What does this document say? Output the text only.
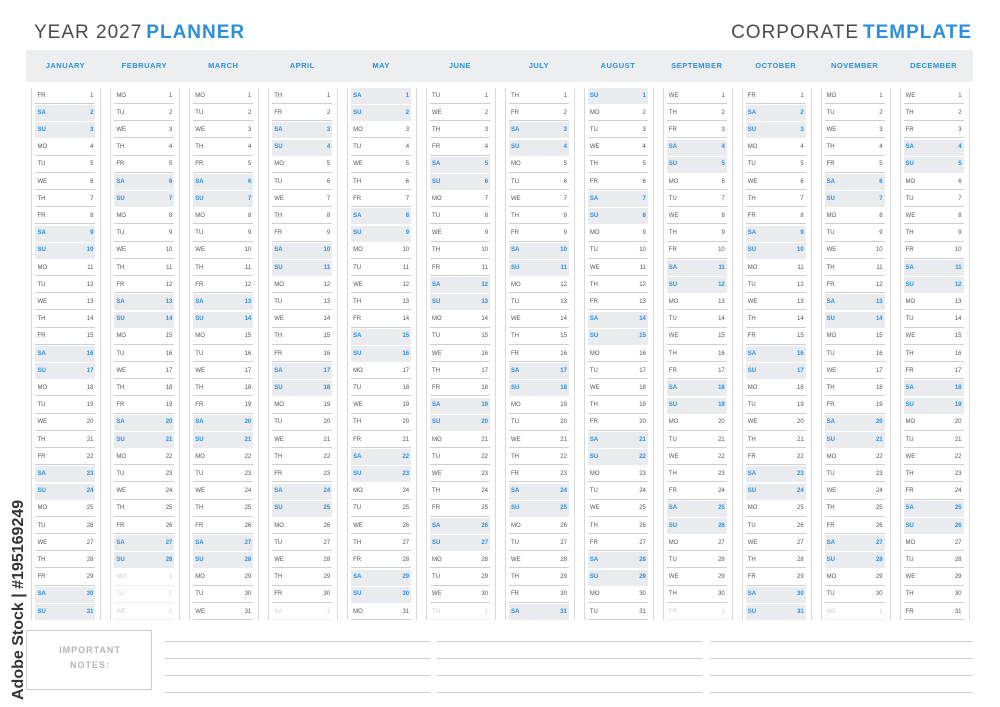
YEAR 2027 PLANNER	CORPORATE TEMPLATE
JANUARY
FR	1
SA	2
SU	3
MO	4
TU	5
WE	6
TH	7
FR	8
SA	9
SU	10
MO	11
TU	12
WE	13
TH	14
FR	15
SA	16
SU	17
MO	18
TU	19
WE	20
TH	21
FR	22
SA	23
SU	24
MO	25
TU	26
WE	27
TH	28
FR	29
SA	30
SU	31
FEBRUARY
MO	1
TU	2
WE	3
TH	4
FR	5
SA	6
SU	7
MO	8
TU	9
WE	10
TH	11
FR	12
SA	13
SU	14
MO	15
TU	16
WE	17
TH	18
FR	19
SA	20
SU	21
MO	22
TU	23
WE	24
TH	25
FR	26
SA	27
SU	28
MO	1
TU	1
WE	1
MARCH
MO	1
TU	2
WE	3
TH	4
FR	5
SA	6
SU	7
MO	8
TU	9
WE	10
TH	11
FR	12
SA	13
SU	14
MO	15
TU	16
WE	17
TH	18
FR	19
SA	20
SU	21
MO	22
TU	23
WE	24
TH	25
FR	26
SA	27
SU	28
MO	29
TU	30
WE	31
APRIL
TH	1
FR	2
SA	3
SU	4
MO	5
TU	6
WE	7
TH	8
FR	9
SA	10
SU	11
MO	12
TU	13
WE	14
TH	15
FR	16
SA	17
SU	18
MO	19
TU	20
WE	21
TH	22
FR	23
SA	24
SU	25
MO	26
TU	27
WE	28
TH	29
FR	30
SA	1
MAY
SA	1
SU	2
MO	3
TU	4
WE	5
TH	6
FR	7
SA	8
SU	9
MO	10
TU	11
WE	12
TH	13
FR	14
SA	15
SU	16
MO	17
TU	18
WE	19
TH	20
FR	21
SA	22
SU	23
MO	24
TU	25
WE	26
TH	27
FR	28
SA	29
SU	30
MO	31
JUNE
TU	1
WE	2
TH	3
FR	4
SA	5
SU	6
MO	7
TU	8
WE	9
TH	10
FR	11
SA	12
SU	13
MO	14
TU	15
WE	16
TH	17
FR	18
SA	19
SU	20
MO	21
TU	22
WE	23
TH	24
FR	25
SA	26
SU	27
MO	28
TU	29
WE	30
TH	1
JULY
TH	1
FR	2
SA	3
SU	4
MO	5
TU	6
WE	7
TH	8
FR	9
SA	10
SU	11
MO	12
TU	13
WE	14
TH	15
FR	16
SA	17
SU	18
MO	19
TU	20
WE	21
TH	22
FR	23
SA	24
SU	25
MO	26
TU	27
WE	28
TH	29
FR	30
SA	31
AUGUST
SU	1
MO	2
TU	3
WE	4
TH	5
FR	6
SA	7
SU	8
MO	9
TU	10
WE	11
TH	12
FR	13
SA	14
SU	15
MO	16
TU	17
WE	18
TH	19
FR	20
SA	21
SU	22
MO	23
TU	24
WE	25
TH	26
FR	27
SA	28
SU	29
MO	30
TU	31
SEPTEMBER
WE	1
TH	2
FR	3
SA	4
SU	5
MO	6
TU	7
WE	8
TH	9
FR	10
SA	11
SU	12
MO	13
TU	14
WE	15
TH	16
FR	17
SA	18
SU	19
MO	20
TU	21
WE	22
TH	23
FR	24
SA	25
SU	26
MO	27
TU	28
WE	29
TH	30
FR	1
OCTOBER
FR	1
SA	2
SU	3
MO	4
TU	5
WE	6
TH	7
FR	8
SA	9
SU	10
MO	11
TU	12
WE	13
TH	14
FR	15
SA	16
SU	17
MO	18
TU	19
WE	20
TH	21
FR	22
SA	23
SU	24
MO	25
TU	26
WE	27
TH	28
FR	29
SA	30
SU	31
NOVEMBER
MO	1
TU	2
WE	3
TH	4
FR	5
SA	6
SU	7
MO	8
TU	9
WE	10
TH	11
FR	12
SA	13
SU	14
MO	15
TU	16
WE	17
TH	18
FR	19
SA	20
SU	21
MO	22
TU	23
WE	24
TH	25
FR	26
SA	27
SU	28
MO	29
TU	30
WE	1
DECEMBER
WE	1
TH	2
FR	3
SA	4
SU	5
MO	6
TU	7
WE	8
TH	9
FR	10
SA	11
SU	12
MO	13
TU	14
WE	15
TH	16
FR	17
SA	18
SU	19
MO	20
TU	21
WE	22
TH	23
FR	24
SA	25
SU	26
MO	27
TU	28
WE	29
TH	30
FR	31
IMPORTANT
NOTES:
Adobe Stock | #195169249
